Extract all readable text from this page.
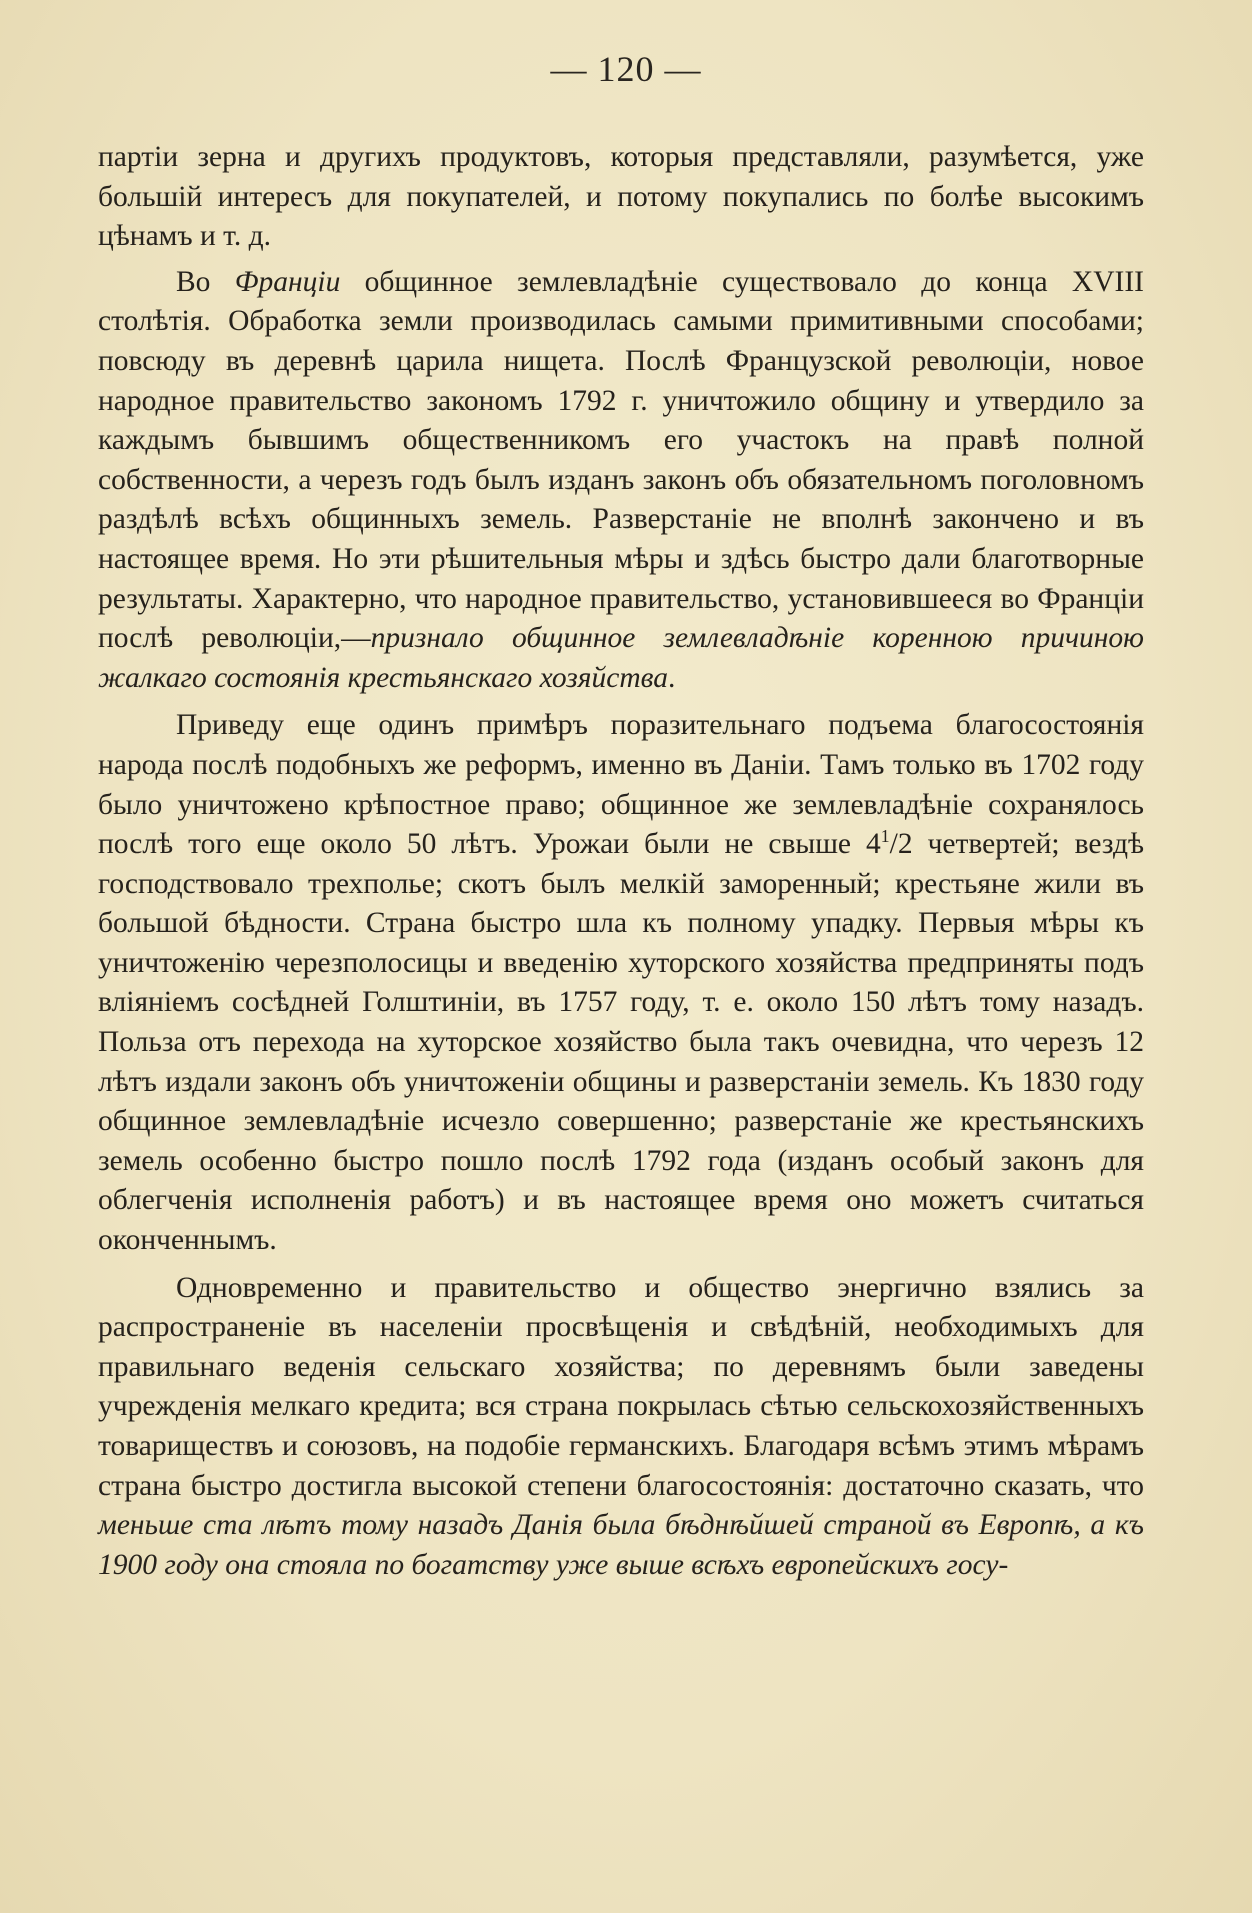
— 120 —

партіи зерна и другихъ продуктовъ, которыя представляли, разумѣется, уже большій интересъ для покупателей, и потому покупались по болѣе высокимъ цѣнамъ и т. д.

Во Франціи общинное землевладѣніе существовало до конца XVIII столѣтія. Обработка земли производилась самыми примитивными способами; повсюду въ деревнѣ царила нищета. Послѣ Французской революціи, новое народное правительство закономъ 1792 г. уничтожило общину и утвердило за каждымъ бывшимъ общественникомъ его участокъ на правѣ полной собственности, а черезъ годъ былъ изданъ законъ объ обязательномъ поголовномъ раздѣлѣ всѣхъ общинныхъ земель. Разверстаніе не вполнѣ закончено и въ настоящее время. Но эти рѣшительныя мѣры и здѣсь быстро дали благотворные результаты. Характерно, что народное правительство, установившееся во Франціи послѣ революціи,—признало общинное землевладѣніе коренною причиною жалкаго состоянія крестьянскаго хозяйства.

Приведу еще одинъ примѣръ поразительнаго подъема благосостоянія народа послѣ подобныхъ же реформъ, именно въ Даніи. Тамъ только въ 1702 году было уничтожено крѣпостное право; общинное же землевладѣніе сохранялось послѣ того еще около 50 лѣтъ. Урожаи были не свыше $4^1/2$ четвертей; вездѣ господствовало трехполье; скотъ былъ мелкій заморенный; крестьяне жили въ большой бѣдности. Страна быстро шла къ полному упадку. Первыя мѣры къ уничтоженію черезполосицы и введенію хуторского хозяйства предприняты подъ вліяніемъ сосѣдней Голштиніи, въ 1757 году, т. е. около 150 лѣтъ тому назадъ. Польза отъ перехода на хуторское хозяйство была такъ очевидна, что черезъ 12 лѣтъ издали законъ объ уничтоженіи общины и разверстаніи земель. Къ 1830 году общинное землевладѣніе исчезло совершенно; разверстаніе же крестьянскихъ земель особенно быстро пошло послѣ 1792 года (изданъ особый законъ для облегченія исполненія работъ) и въ настоящее время оно можетъ считаться оконченнымъ.

Одновременно и правительство и общество энергично взялись за распространеніе въ населеніи просвѣщенія и свѣдѣній, необходимыхъ для правильнаго веденія сельскаго хозяйства; по деревнямъ были заведены учрежденія мелкаго кредита; вся страна покрылась сѣтью сельскохозяйственныхъ товариществъ и союзовъ, на подобіе германскихъ. Благодаря всѣмъ этимъ мѣрамъ страна быстро достигла высокой степени благосостоянія: достаточно сказать, что меньше ста лѣтъ тому назадъ Данія была бѣднѣйшей страной въ Европѣ, а къ 1900 году она стояла по богатству уже выше всѣхъ европейскихъ госу-
